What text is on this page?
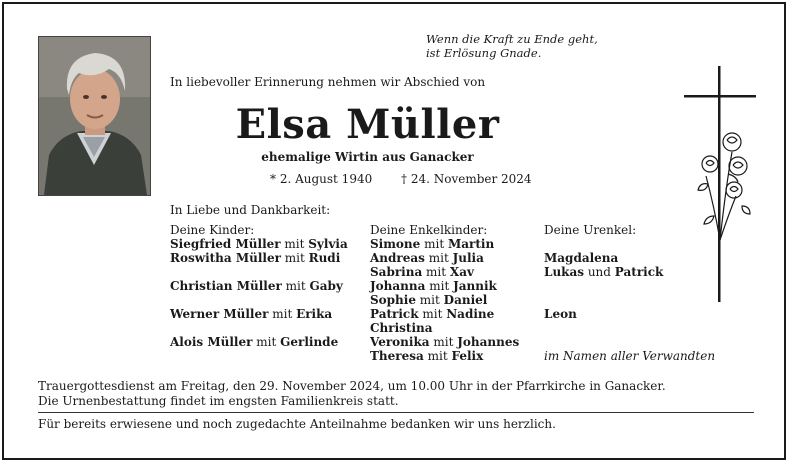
Wenn die Kraft zu Ende geht,
ist Erlösung Gnade.
In liebevoller Erinnerung nehmen wir Abschied von
Elsa Müller
ehemalige Wirtin aus Ganacker
* 2. August 1940 † 24. November 2024
In Liebe und Dankbarkeit:
Deine Kinder:
Siegfried Müller mit Sylvia
Roswitha Müller mit Rudi
Christian Müller mit Gaby
Werner Müller mit Erika
Alois Müller mit Gerlinde
Deine Enkelkinder:
Simone mit Martin
Andreas mit Julia
Sabrina mit Xav
Johanna mit Jannik
Sophie mit Daniel
Patrick mit Nadine
Christina
Veronika mit Johannes
Theresa mit Felix
Deine Urenkel:
Magdalena
Lukas und Patrick
Leon
im Namen aller Verwandten
Trauergottesdienst am Freitag, den 29. November 2024, um 10.00 Uhr in der Pfarrkirche in Ganacker.
Die Urnenbestattung findet im engsten Familienkreis statt.
Für bereits erwiesene und noch zugedachte Anteilnahme bedanken wir uns herzlich.
